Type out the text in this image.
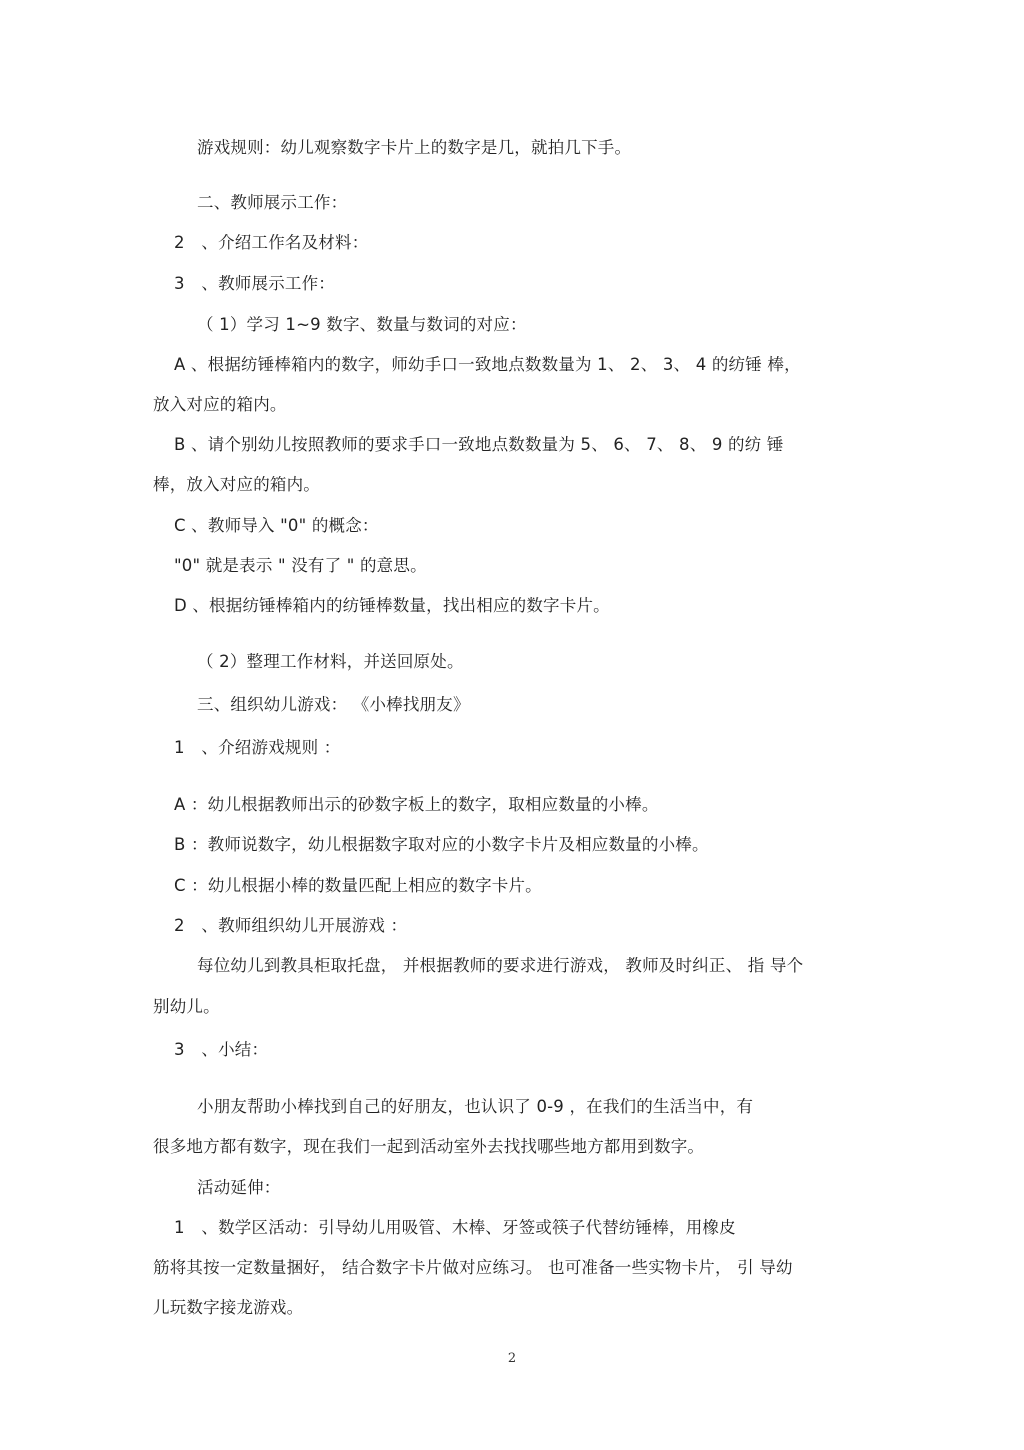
游戏规则：幼儿观察数字卡片上的数字是几，就拍几下手。
二、教师展示工作：
2　、介绍工作名及材料：
3　、教师展示工作：
（ 1）学习 1~9 数字、数量与数词的对应：
A 、根据纺锤棒箱内的数字，师幼手口一致地点数数量为 1、 2、 3、 4 的纺锤 棒，
放入对应的箱内。
B 、请个别幼儿按照教师的要求手口一致地点数数量为 5、 6、 7、 8、 9 的纺 锤
棒，放入对应的箱内。
C 、教师导入 "0" 的概念：
"0" 就是表示 " 没有了 " 的意思。
D 、根据纺锤棒箱内的纺锤棒数量，找出相应的数字卡片。
（ 2）整理工作材料，并送回原处。
三、组织幼儿游戏： 《小棒找朋友》
1　、介绍游戏规则 ：
A ：幼儿根据教师出示的砂数字板上的数字，取相应数量的小棒。
B ：教师说数字，幼儿根据数字取对应的小数字卡片及相应数量的小棒。
C ：幼儿根据小棒的数量匹配上相应的数字卡片。
2　、教师组织幼儿开展游戏 ：
每位幼儿到教具柜取托盘， 并根据教师的要求进行游戏， 教师及时纠正、 指 导个
别幼儿。
3　、小结：
小朋友帮助小棒找到自己的好朋友，也认识了 0-9 ，在我们的生活当中，有
很多地方都有数字，现在我们一起到活动室外去找找哪些地方都用到数字。
活动延伸：
1　、数学区活动：引导幼儿用吸管、木棒、牙签或筷子代替纺锤棒，用橡皮
筋将其按一定数量捆好， 结合数字卡片做对应练习。 也可准备一些实物卡片， 引 导幼
儿玩数字接龙游戏。
2
